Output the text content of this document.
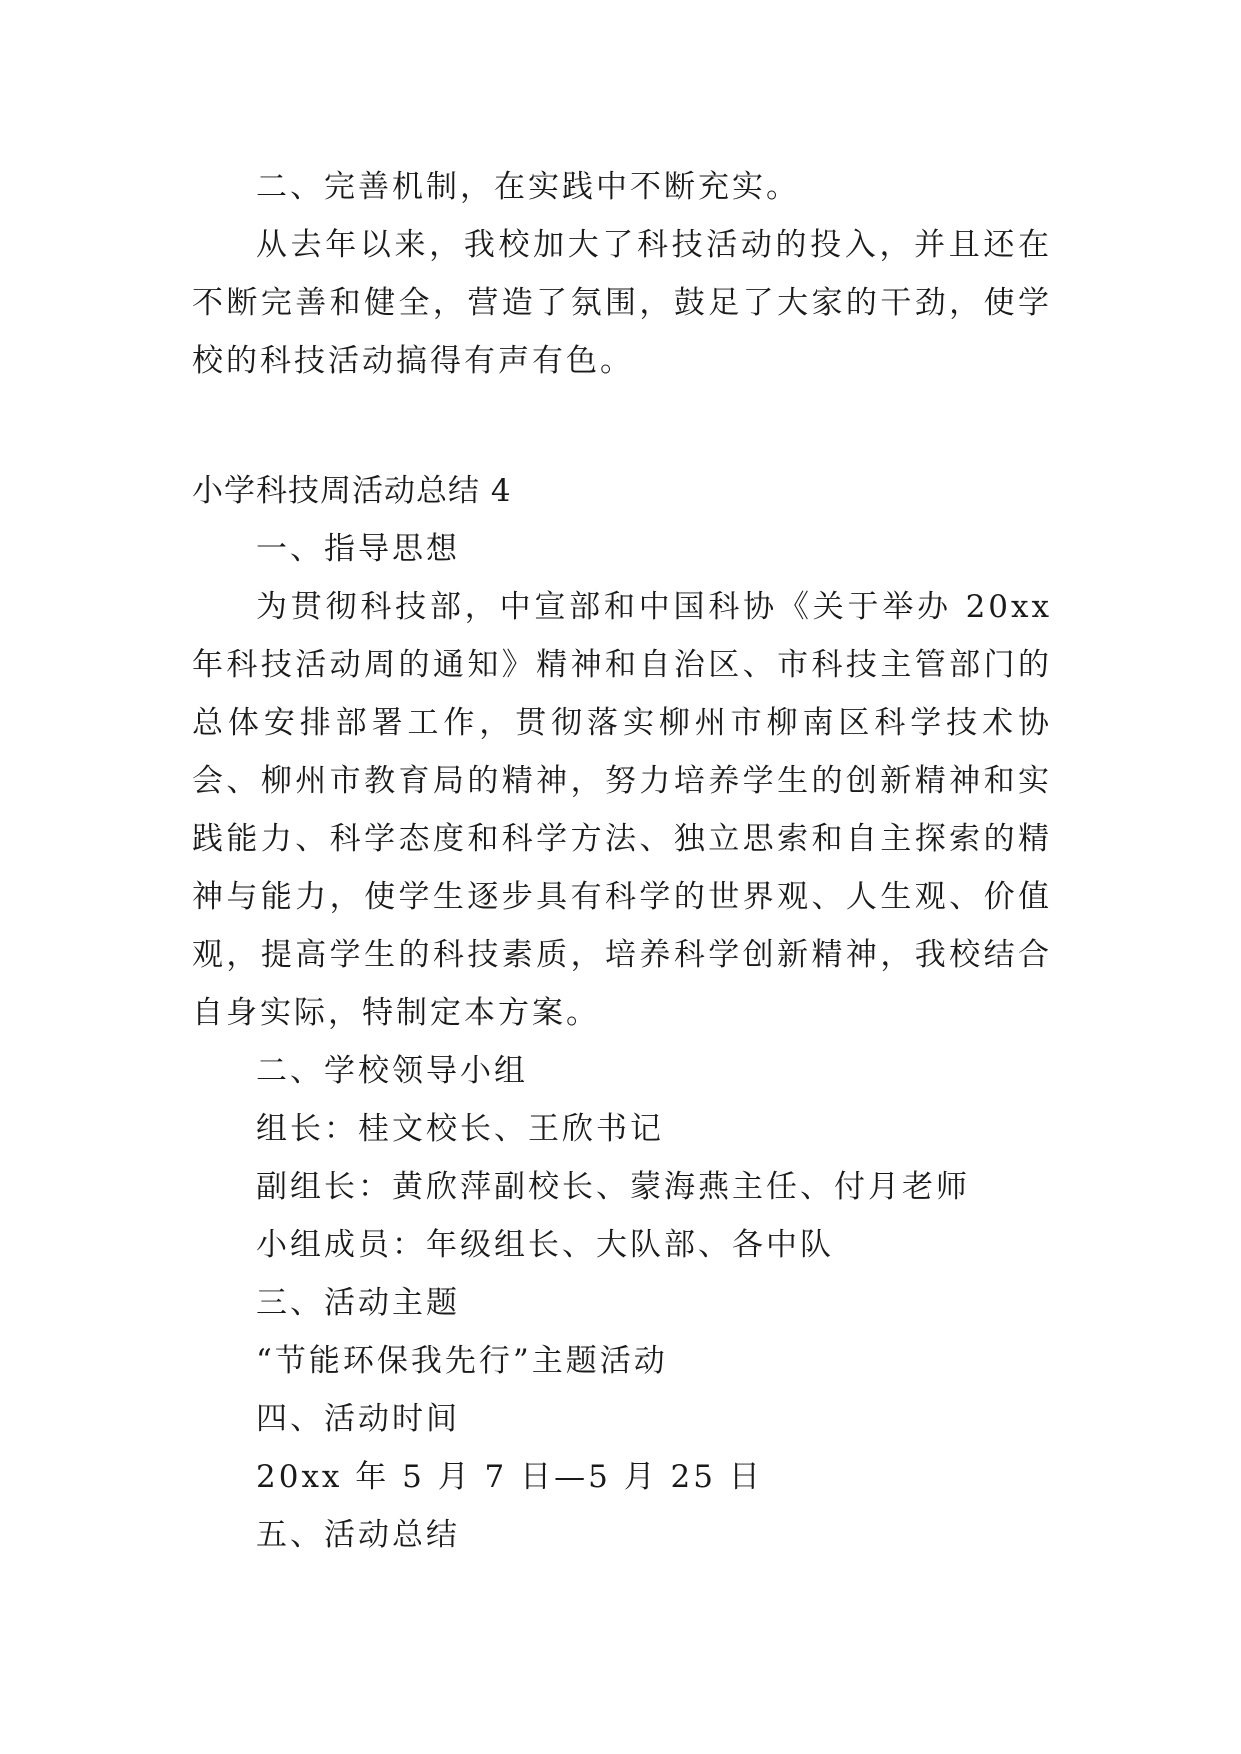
二、完善机制，在实践中不断充实。

从去年以来，我校加大了科技活动的投入，并且还在不断完善和健全，营造了氛围，鼓足了大家的干劲，使学校的科技活动搞得有声有色。

小学科技周活动总结 4

一、指导思想

为贯彻科技部，中宣部和中国科协《关于举办 20xx 年科技活动周的通知》精神和自治区、市科技主管部门的总体安排部署工作，贯彻落实柳州市柳南区科学技术协会、柳州市教育局的精神，努力培养学生的创新精神和实践能力、科学态度和科学方法、独立思索和自主探索的精神与能力，使学生逐步具有科学的世界观、人生观、价值观，提高学生的科技素质，培养科学创新精神，我校结合自身实际，特制定本方案。

二、学校领导小组

组长：桂文校长、王欣书记

副组长：黄欣萍副校长、蒙海燕主任、付月老师

小组成员：年级组长、大队部、各中队

三、活动主题

“节能环保我先行”主题活动

四、活动时间

20xx 年 5 月 7 日—5 月 25 日

五、活动总结
